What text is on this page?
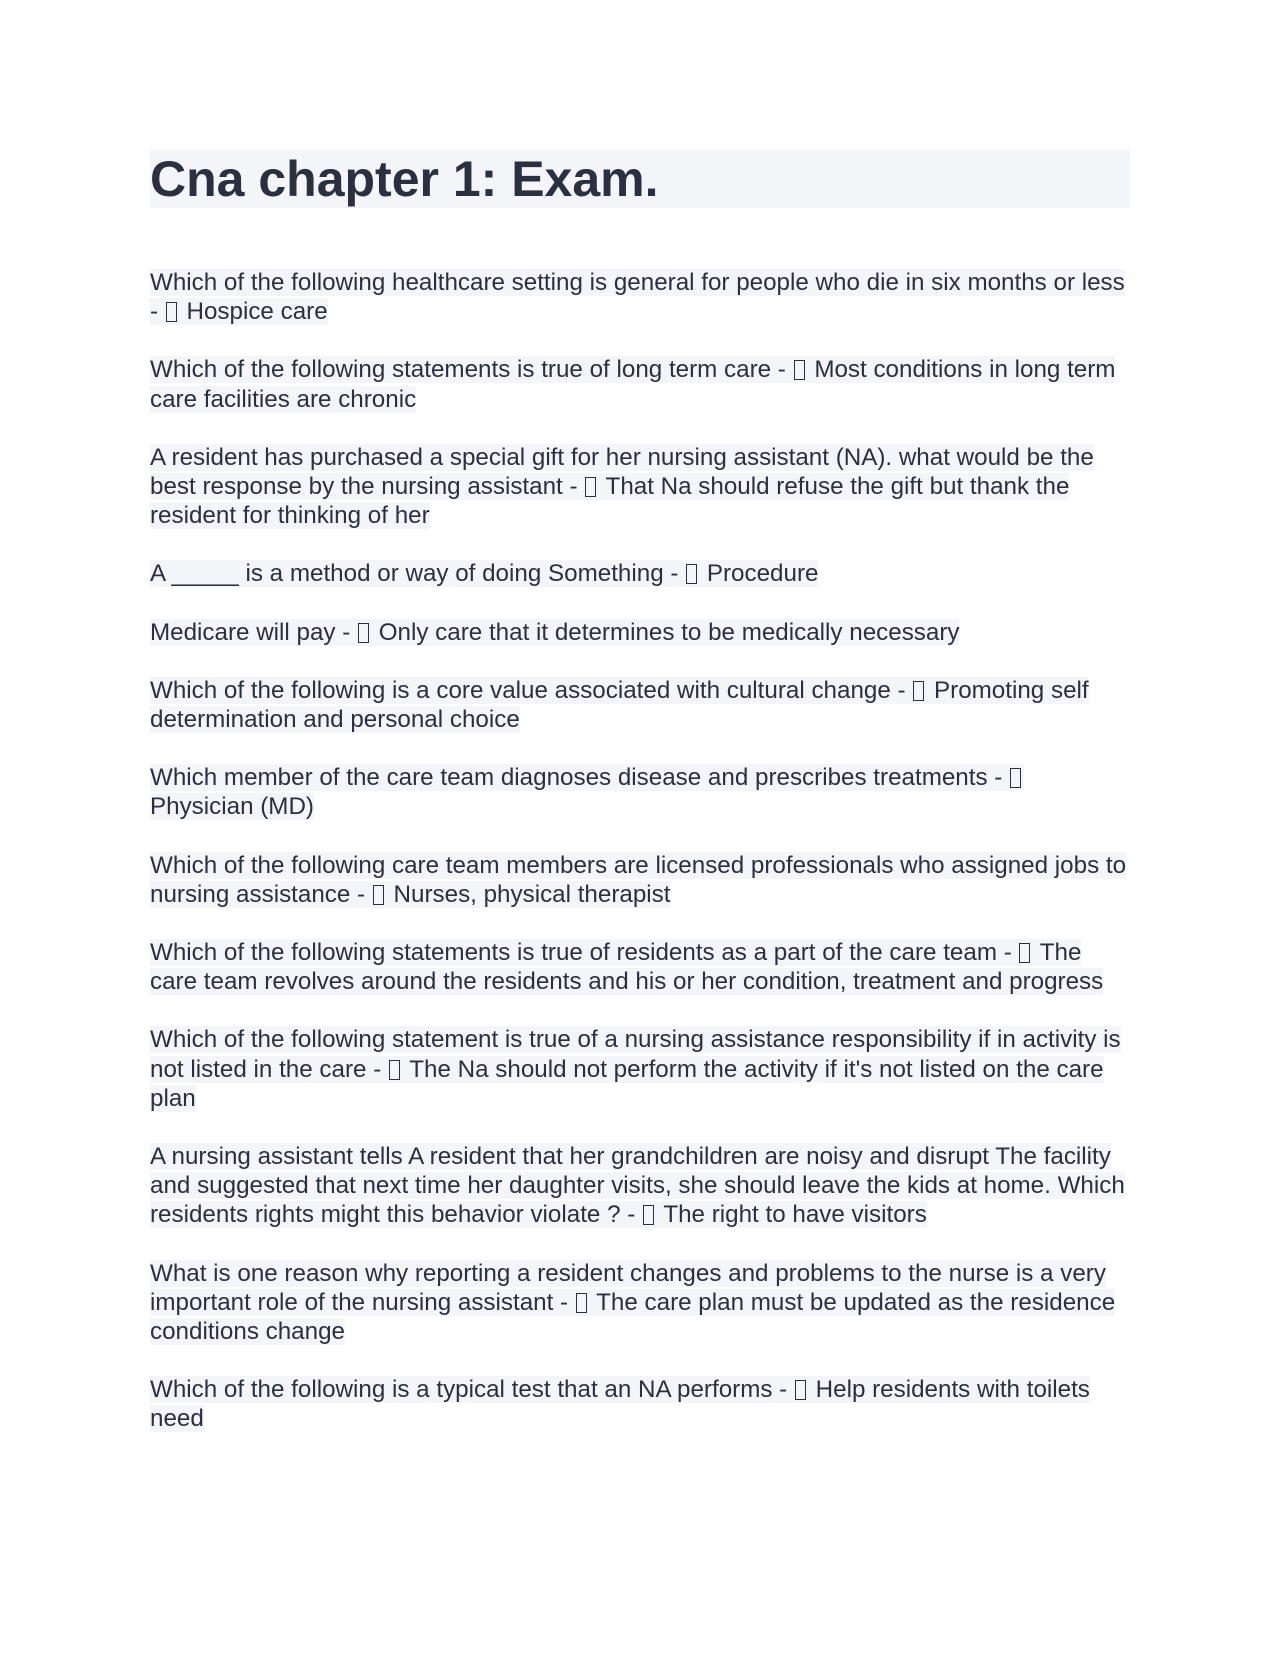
Cna chapter 1: Exam.

Which of the following healthcare setting is general for people who die in six months or less -  Hospice care

Which of the following statements is true of long term care -  Most conditions in long term care facilities are chronic

A resident has purchased a special gift for her nursing assistant (NA). what would be the best response by the nursing assistant -  That Na should refuse the gift but thank the resident for thinking of her

A _____ is a method or way of doing Something -  Procedure

Medicare will pay -  Only care that it determines to be medically necessary

Which of the following is a core value associated with cultural change -  Promoting self determination and personal choice

Which member of the care team diagnoses disease and prescribes treatments -  Physician (MD)

Which of the following care team members are licensed professionals who assigned jobs to nursing assistance -  Nurses, physical therapist

Which of the following statements is true of residents as a part of the care team -  The care team revolves around the residents and his or her condition, treatment and progress

Which of the following statement is true of a nursing assistance responsibility if in activity is not listed in the care -  The Na should not perform the activity if it's not listed on the care plan

A nursing assistant tells A resident that her grandchildren are noisy and disrupt The facility and suggested that next time her daughter visits, she should leave the kids at home. Which residents rights might this behavior violate ? -  The right to have visitors

What is one reason why reporting a resident changes and problems to the nurse is a very important role of the nursing assistant -  The care plan must be updated as the residence conditions change

Which of the following is a typical test that an NA performs -  Help residents with toilets need
